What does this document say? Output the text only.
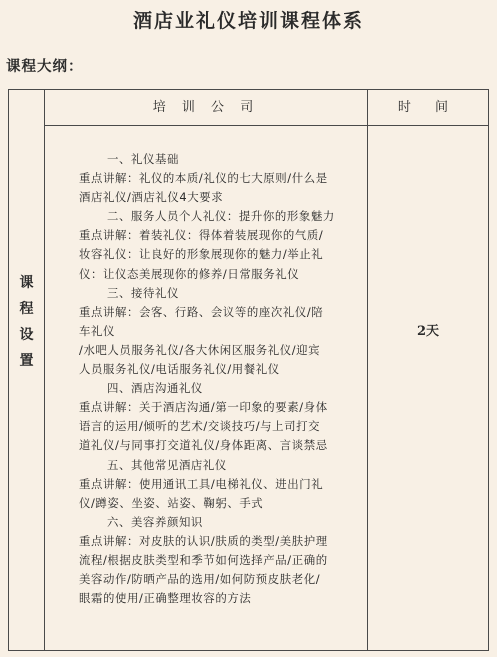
酒店业礼仪培训课程体系
课程大纲：
培 训 公 司	时 间
课
程
设
置
一、礼仪基础
重点讲解：礼仪的本质/礼仪的七大原则/什么是
酒店礼仪/酒店礼仪4大要求
二、服务人员个人礼仪：提升你的形象魅力
重点讲解：着装礼仪：得体着装展现你的气质/
妆容礼仪：让良好的形象展现你的魅力/举止礼
仪：让仪态美展现你的修养/日常服务礼仪
三、接待礼仪
重点讲解：会客、行路、会议等的座次礼仪/陪
车礼仪
/水吧人员服务礼仪/各大休闲区服务礼仪/迎宾
人员服务礼仪/电话服务礼仪/用餐礼仪
四、酒店沟通礼仪
重点讲解：关于酒店沟通/第一印象的要素/身体
语言的运用/倾听的艺术/交谈技巧/与上司打交
道礼仪/与同事打交道礼仪/身体距离、言谈禁忌
五、其他常见酒店礼仪
重点讲解：使用通讯工具/电梯礼仪、进出门礼
仪/蹲姿、坐姿、站姿、鞠躬、手式
六、美容养颜知识
重点讲解：对皮肤的认识/肤质的类型/美肤护理
流程/根据皮肤类型和季节如何选择产品/正确的
美容动作/防晒产品的选用/如何防预皮肤老化/
眼霜的使用/正确整理妆容的方法
2天
